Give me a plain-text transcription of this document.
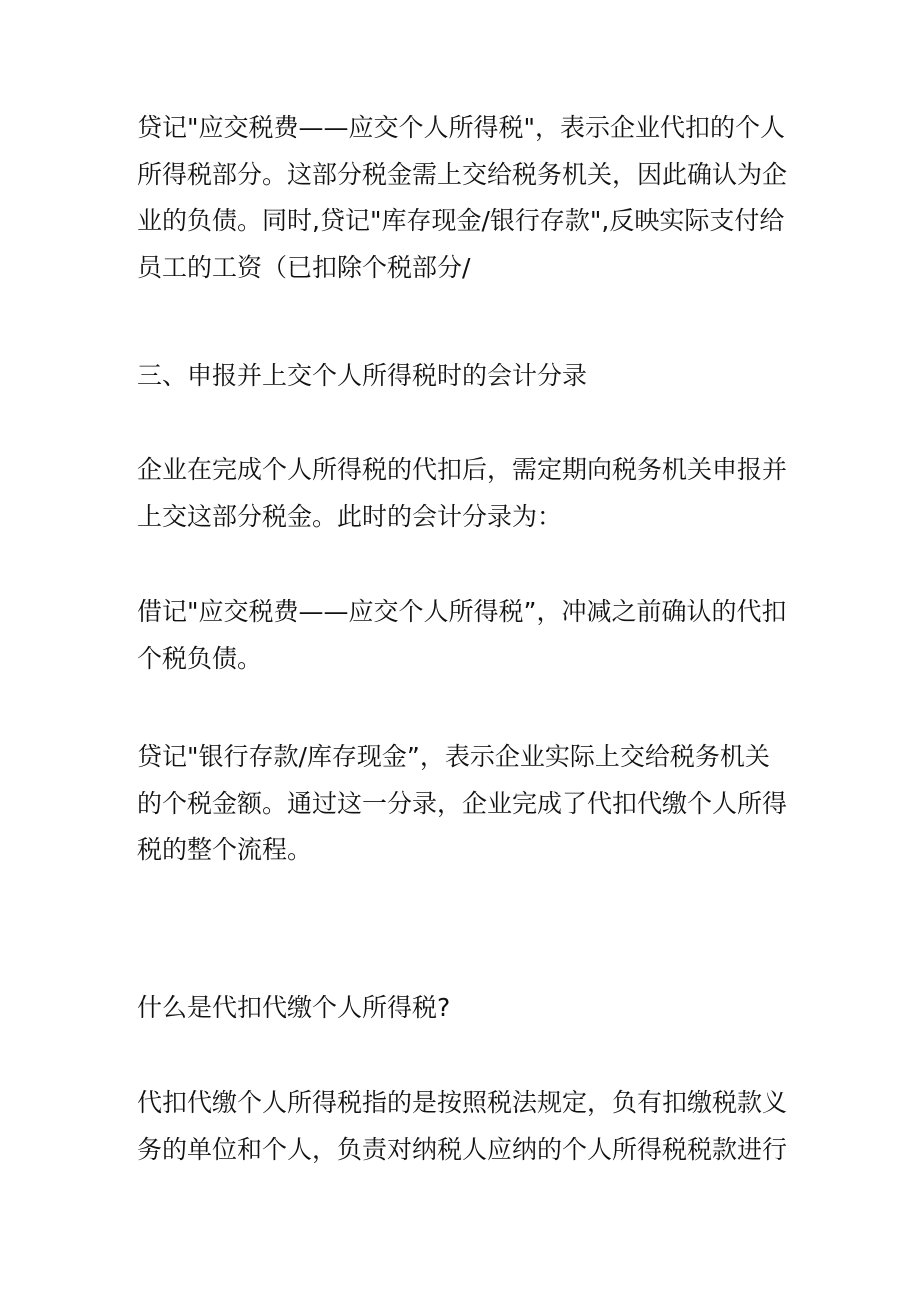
贷记"应交税费——应交个人所得税"，表示企业代扣的个人
所得税部分。这部分税金需上交给税务机关，因此确认为企
业的负债。同时,贷记"库存现金/银行存款",反映实际支付给
员工的工资（已扣除个税部分/

三、申报并上交个人所得税时的会计分录

企业在完成个人所得税的代扣后，需定期向税务机关申报并
上交这部分税金。此时的会计分录为：

借记"应交税费——应交个人所得税”，冲减之前确认的代扣
个税负债。

贷记"银行存款/库存现金”，表示企业实际上交给税务机关
的个税金额。通过这一分录，企业完成了代扣代缴个人所得
税的整个流程。

什么是代扣代缴个人所得税?

代扣代缴个人所得税指的是按照税法规定，负有扣缴税款义
务的单位和个人，负责对纳税人应纳的个人所得税税款进行
